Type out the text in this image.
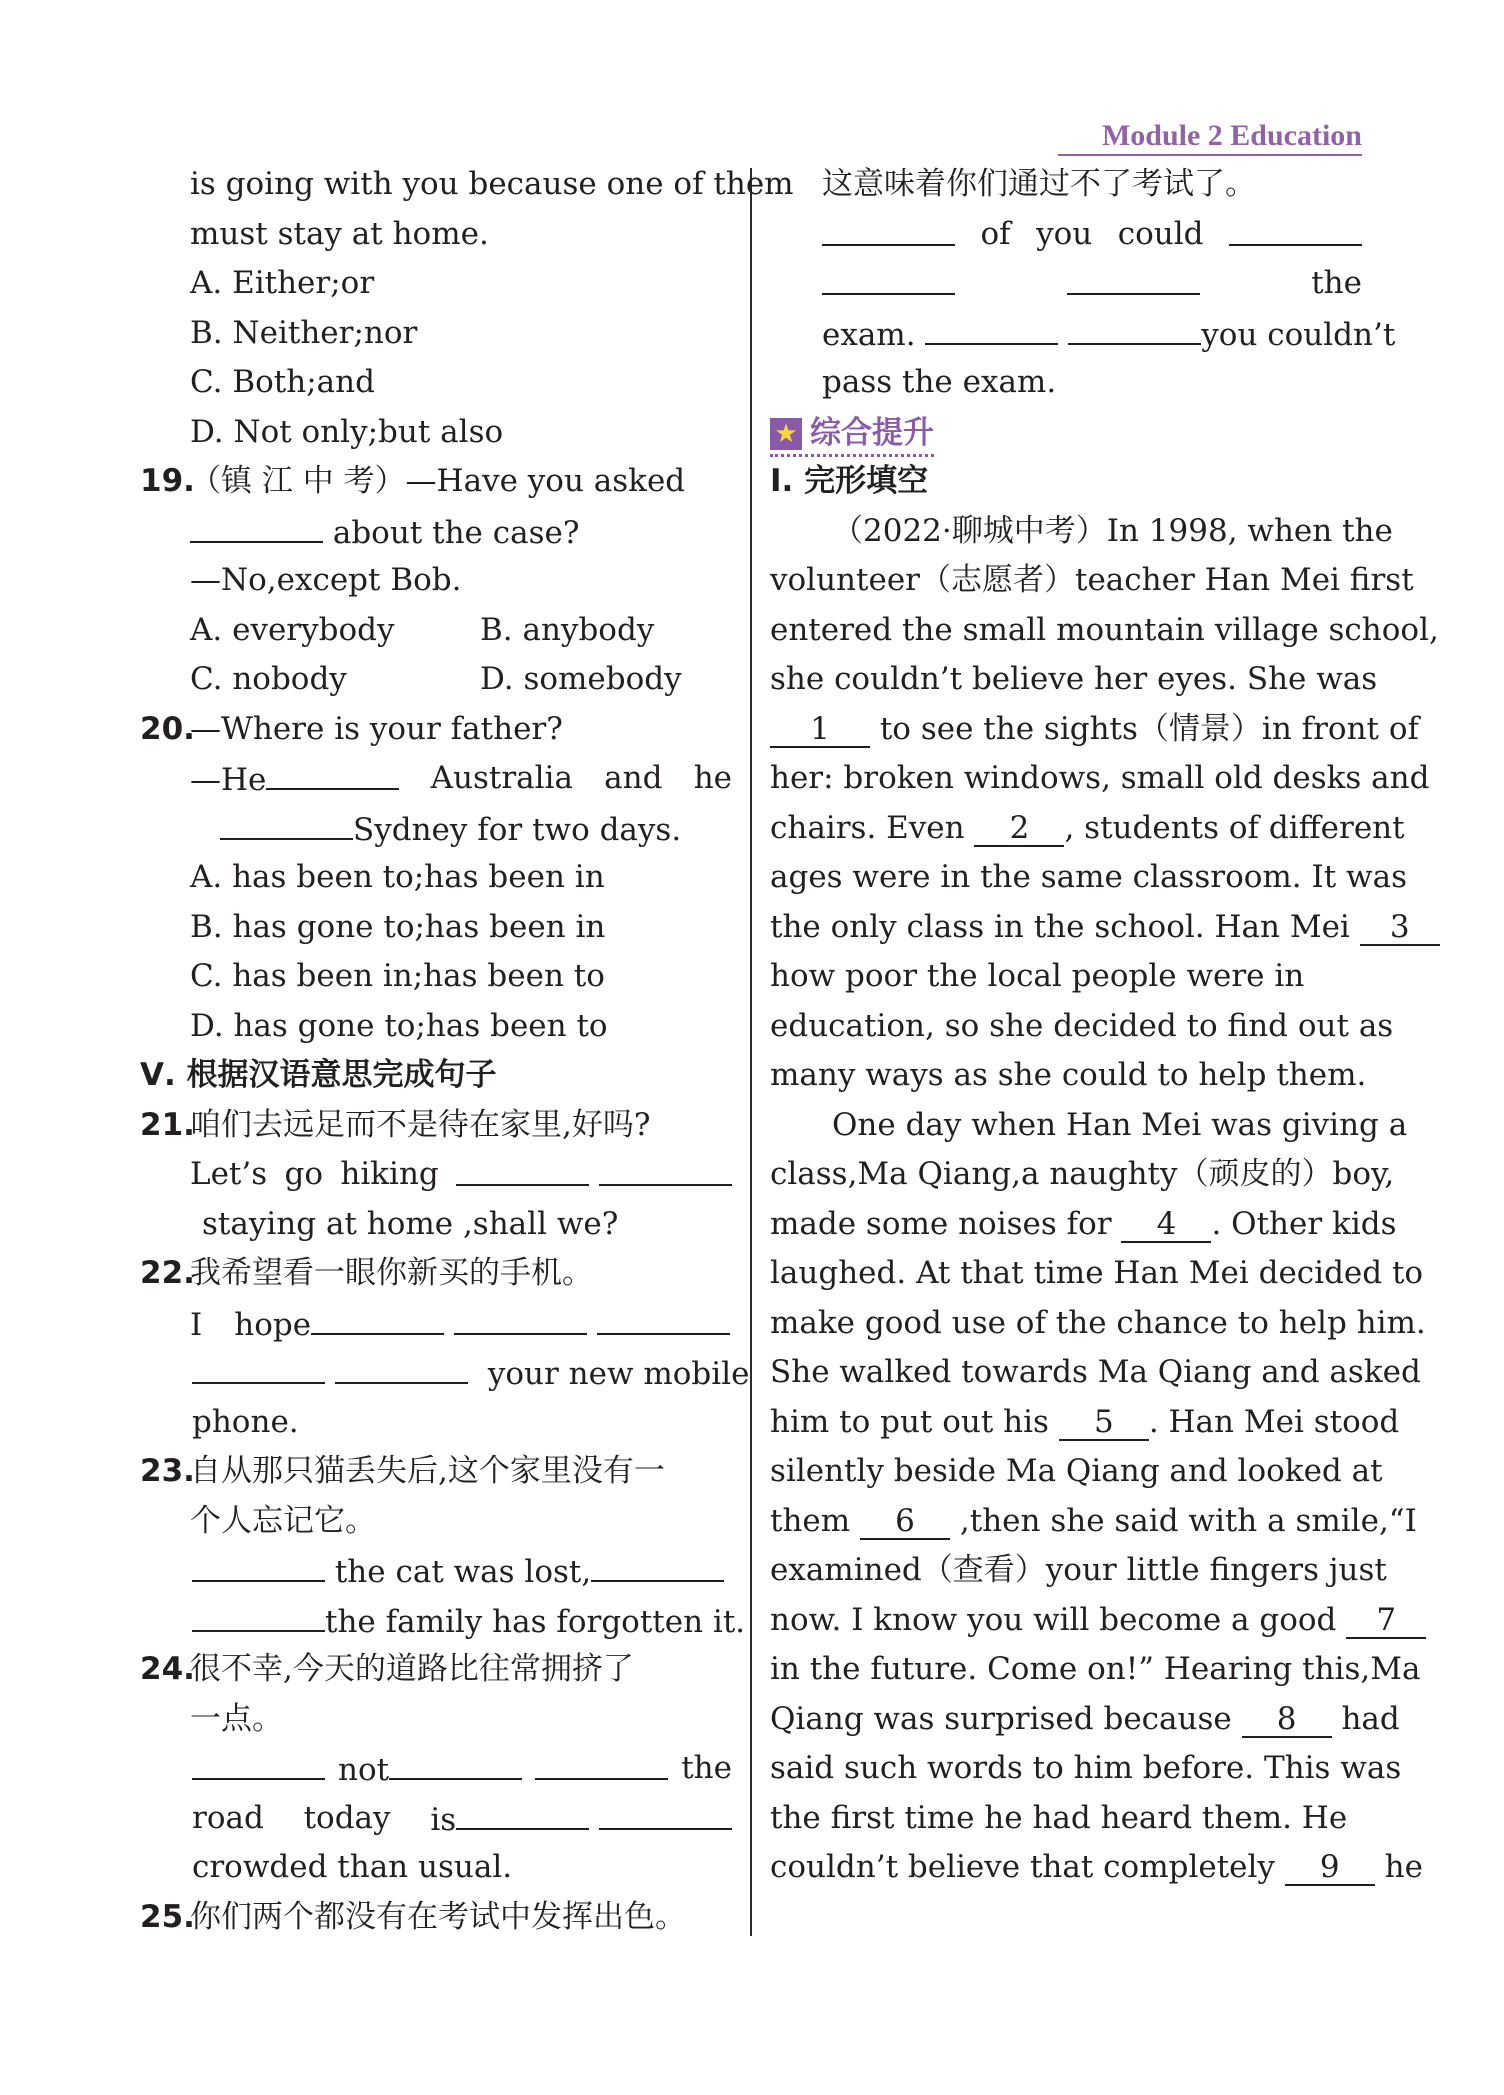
Module 2 Education
is going with you because one of them
must stay at home.
A. Either;or
B. Neither;nor
C. Both;and
D. Not only;but also
19.（镇 江 中 考）—Have you asked
about the case?
—No,except Bob.
A. everybody	B. anybody
C. nobody	D. somebody
20.—Where is your father?
—He	Australia and he
Sydney for two days.
A. has been to;has been in
B. has gone to;has been in
C. has been in;has been to
D. has gone to;has been to
Ⅴ. 根据汉语意思完成句子
21.咱们去远足而不是待在家里,好吗?
Let’s go hiking

staying at home ,shall we?
22.我希望看一眼你新买的手机。
I hope
your new mobile
phone.
23.自从那只猫丢失后,这个家里没有一
个人忘记它。
the cat was lost,
the family has forgotten it.
24.很不幸,今天的道路比往常拥挤了
一点。
not	the
road today is
crowded than usual.
25.你们两个都没有在考试中发挥出色。
这意味着你们通过不了考试了。
of you could
the
exam.	you couldn’t
pass the exam.
★ 综合提升
Ⅰ. 完形填空
（2022·聊城中考）In 1998, when the
volunteer（志愿者）teacher Han Mei first
entered the small mountain village school,
she couldn’t believe her eyes. She was
1 to see the sights（情景）in front of
her: broken windows, small old desks and
chairs. Even 2 , students of different
ages were in the same classroom. It was
the only class in the school. Han Mei 3
how poor the local people were in
education, so she decided to find out as
many ways as she could to help them.
One day when Han Mei was giving a
class,Ma Qiang,a naughty（顽皮的）boy,
made some noises for 4 . Other kids
laughed. At that time Han Mei decided to
make good use of the chance to help him.
She walked towards Ma Qiang and asked
him to put out his 5 . Han Mei stood
silently beside Ma Qiang and looked at
them 6 ,then she said with a smile,“I
examined（查看）your little fingers just
now. I know you will become a good 7
in the future. Come on!” Hearing this,Ma
Qiang was surprised because 8 had
said such words to him before. This was
the first time he had heard them. He
couldn’t believe that completely 9 he
